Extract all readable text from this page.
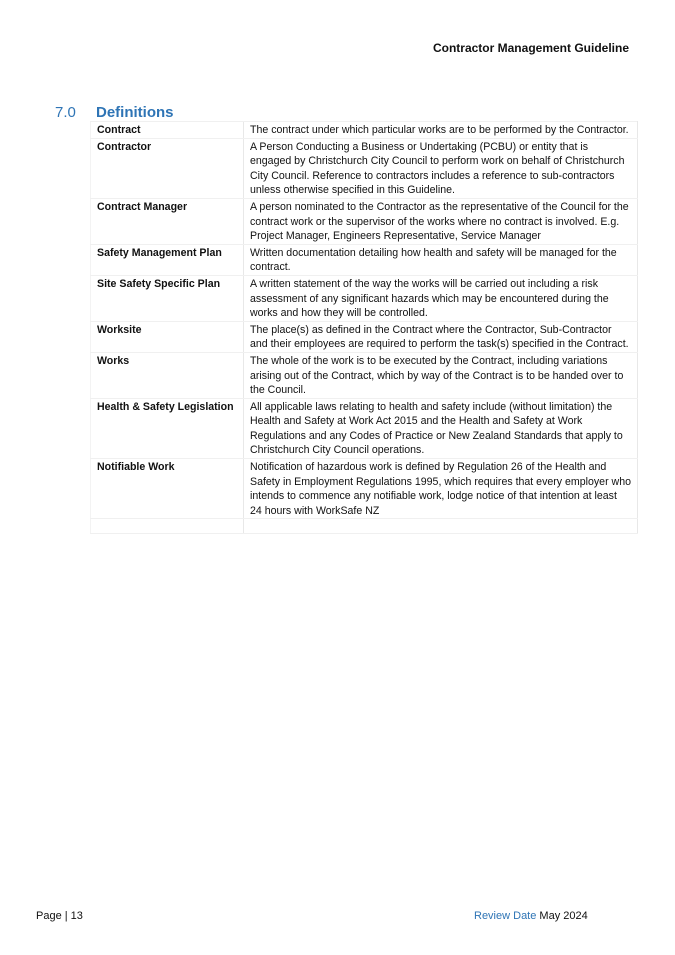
Contractor Management Guideline
7.0	Definitions
Contract	The contract under which particular works are to be performed by the Contractor.
Contractor	A Person Conducting a Business or Undertaking (PCBU) or entity that is engaged by Christchurch City Council to perform work on behalf of Christchurch City Council. Reference to contractors includes a reference to sub-contractors unless otherwise specified in this Guideline.
Contract Manager	A person nominated to the Contractor as the representative of the Council for the contract work or the supervisor of the works where no contract is involved. E.g. Project Manager, Engineers Representative, Service Manager
Safety Management Plan	Written documentation detailing how health and safety will be managed for the contract.
Site Safety Specific Plan	A written statement of the way the works will be carried out including a risk assessment of any significant hazards which may be encountered during the works and how they will be controlled.
Worksite	The place(s) as defined in the Contract where the Contractor, Sub-Contractor and their employees are required to perform the task(s) specified in the Contract.
Works	The whole of the work is to be executed by the Contract, including variations arising out of the Contract, which by way of the Contract is to be handed over to the Council.
Health & Safety Legislation	All applicable laws relating to health and safety include (without limitation) the Health and Safety at Work Act 2015 and the Health and Safety at Work Regulations and any Codes of Practice or New Zealand Standards that apply to Christchurch City Council operations.
Notifiable Work	Notification of hazardous work is defined by Regulation 26 of the Health and Safety in Employment Regulations 1995, which requires that every employer who intends to commence any notifiable work, lodge notice of that intention at least 24 hours with WorkSafe NZ

Page | 13	Review Date May 2024
